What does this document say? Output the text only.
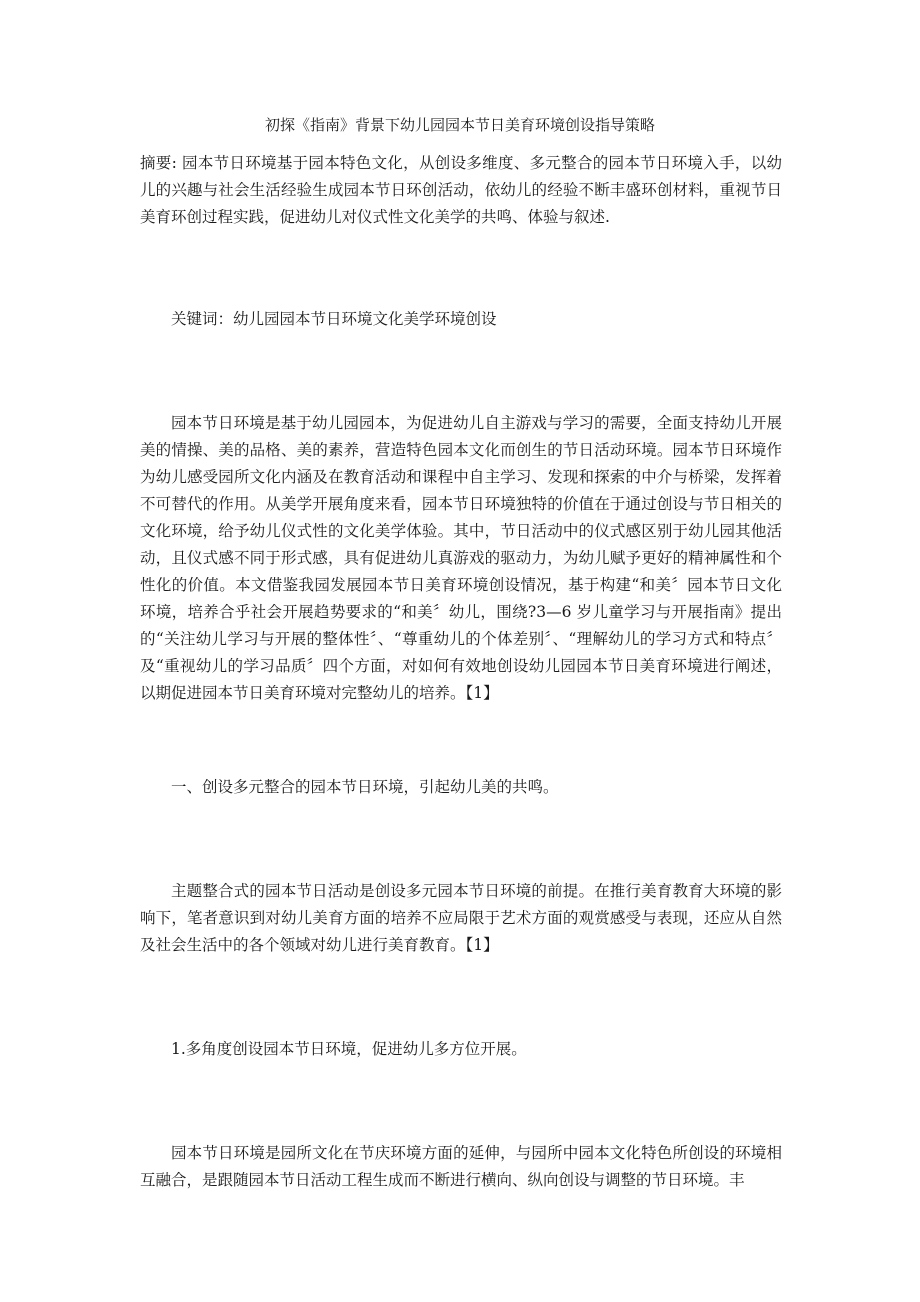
初探《指南》背景下幼儿园园本节日美育环境创设指导策略

摘要: 园本节日环境基于园本特色文化，从创设多维度、多元整合的园本节日环境入手，以幼儿的兴趣与社会生活经验生成园本节日环创活动，依幼儿的经验不断丰盛环创材料，重视节日美育环创过程实践，促进幼儿对仪式性文化美学的共鸣、体验与叙述.

关键词：幼儿园园本节日环境文化美学环境创设

园本节日环境是基于幼儿园园本，为促进幼儿自主游戏与学习的需要，全面支持幼儿开展美的情操、美的品格、美的素养，营造特色园本文化而创生的节日活动环境。园本节日环境作为幼儿感受园所文化内涵及在教育活动和课程中自主学习、发现和探索的中介与桥梁，发挥着不可替代的作用。从美学开展角度来看，园本节日环境独特的价值在于通过创设与节日相关的文化环境，给予幼儿仪式性的文化美学体验。其中，节日活动中的仪式感区别于幼儿园其他活动，且仪式感不同于形式感，具有促进幼儿真游戏的驱动力，为幼儿赋予更好的精神属性和个性化的价值。本文借鉴我园发展园本节日美育环境创设情况，基于构建“和美〞园本节日文化环境，培养合乎社会开展趋势要求的“和美〞幼儿，围绕?3—6 岁儿童学习与开展指南》提出的“关注幼儿学习与开展的整体性〞、“尊重幼儿的个体差别〞、“理解幼儿的学习方式和特点〞及“重视幼儿的学习品质〞四个方面，对如何有效地创设幼儿园园本节日美育环境进行阐述，以期促进园本节日美育环境对完整幼儿的培养。【1】

一、创设多元整合的园本节日环境，引起幼儿美的共鸣。

主题整合式的园本节日活动是创设多元园本节日环境的前提。在推行美育教育大环境的影响下，笔者意识到对幼儿美育方面的培养不应局限于艺术方面的观赏感受与表现，还应从自然及社会生活中的各个领域对幼儿进行美育教育。【1】

1.多角度创设园本节日环境，促进幼儿多方位开展。

园本节日环境是园所文化在节庆环境方面的延伸，与园所中园本文化特色所创设的环境相互融合，是跟随园本节日活动工程生成而不断进行横向、纵向创设与调整的节日环境。丰
